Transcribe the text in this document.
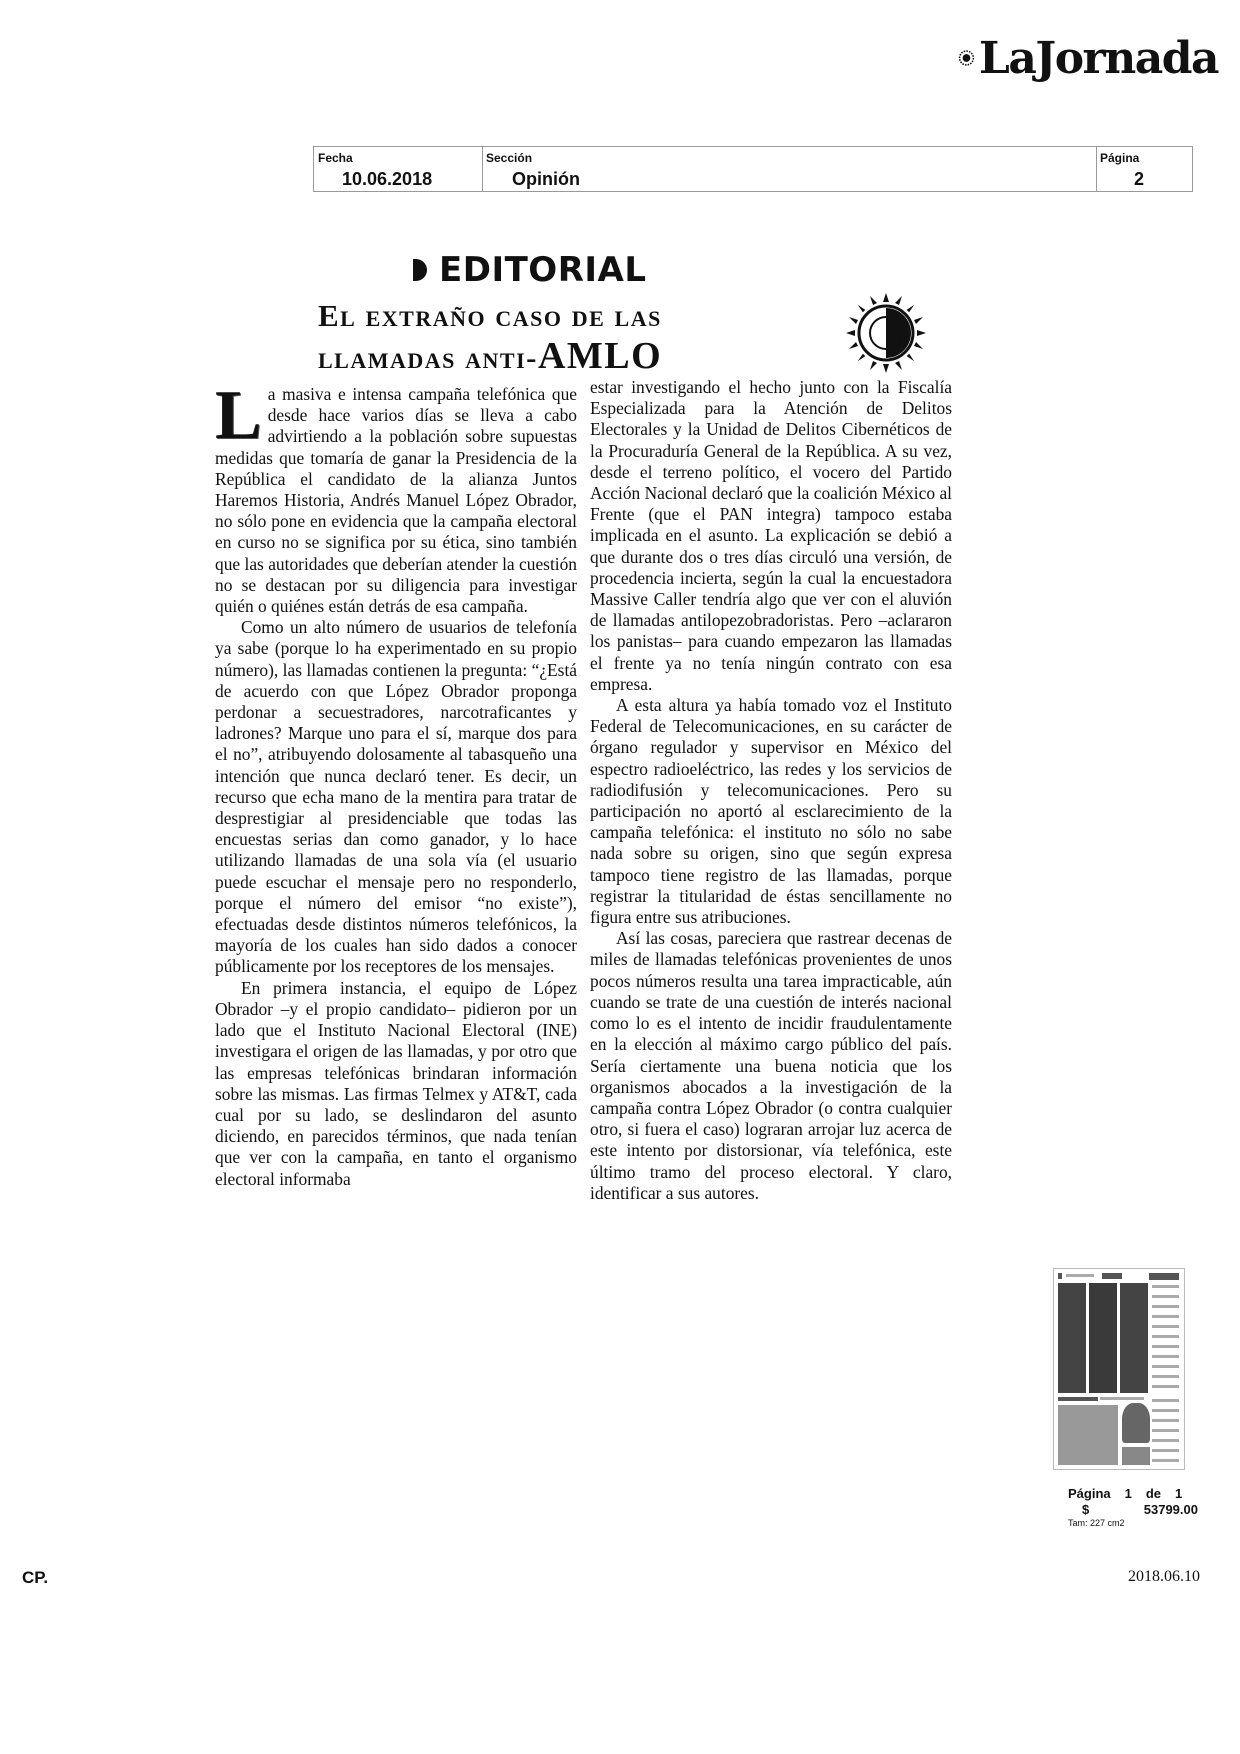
LaJornada
Fecha
10.06.2018
Sección
Opinión
Página
2
EDITORIAL
El extraño caso de las
llamadas anti-AMLO

La masiva e intensa campaña telefónica que desde hace varios días se lleva a cabo advirtiendo a la población sobre supuestas medidas que tomaría de ganar la Presidencia de la República el candidato de la alianza Juntos Haremos Historia, Andrés Manuel López Obrador, no sólo pone en evidencia que la campaña electoral en curso no se significa por su ética, sino también que las autoridades que deberían atender la cuestión no se destacan por su diligencia para investigar quién o quiénes están detrás de esa campaña.

Como un alto número de usuarios de telefonía ya sabe (porque lo ha experimentado en su propio número), las llamadas contienen la pregunta: “¿Está de acuerdo con que López Obrador proponga perdonar a secuestradores, narcotraficantes y ladrones? Marque uno para el sí, marque dos para el no”, atribuyendo dolosamente al tabasqueño una intención que nunca declaró tener. Es decir, un recurso que echa mano de la mentira para tratar de desprestigiar al presidenciable que todas las encuestas serias dan como ganador, y lo hace utilizando llamadas de una sola vía (el usuario puede escuchar el mensaje pero no responderlo, porque el número del emisor “no existe”), efectuadas desde distintos números telefónicos, la mayoría de los cuales han sido dados a conocer públicamente por los receptores de los mensajes.

En primera instancia, el equipo de López Obrador –y el propio candidato– pidieron por un lado que el Instituto Nacional Electoral (INE) investigara el origen de las llamadas, y por otro que las empresas telefónicas brindaran información sobre las mismas. Las firmas Telmex y AT&T, cada cual por su lado, se deslindaron del asunto diciendo, en parecidos términos, que nada tenían que ver con la campaña, en tanto el organismo electoral informaba

estar investigando el hecho junto con la Fiscalía Especializada para la Atención de Delitos Electorales y la Unidad de Delitos Cibernéticos de la Procuraduría General de la República. A su vez, desde el terreno político, el vocero del Partido Acción Nacional declaró que la coalición México al Frente (que el PAN integra) tampoco estaba implicada en el asunto. La explicación se debió a que durante dos o tres días circuló una versión, de procedencia incierta, según la cual la encuestadora Massive Caller tendría algo que ver con el aluvión de llamadas antilopezobradoristas. Pero –aclararon los panistas– para cuando empezaron las llamadas el frente ya no tenía ningún contrato con esa empresa.

A esta altura ya había tomado voz el Instituto Federal de Telecomunicaciones, en su carácter de órgano regulador y supervisor en México del espectro radioeléctrico, las redes y los servicios de radiodifusión y telecomunicaciones. Pero su participación no aportó al esclarecimiento de la campaña telefónica: el instituto no sólo no sabe nada sobre su origen, sino que según expresa tampoco tiene registro de las llamadas, porque registrar la titularidad de éstas sencillamente no figura entre sus atribuciones.

Así las cosas, pareciera que rastrear decenas de miles de llamadas telefónicas provenientes de unos pocos números resulta una tarea impracticable, aún cuando se trate de una cuestión de interés nacional como lo es el intento de incidir fraudulentamente en la elección al máximo cargo público del país. Sería ciertamente una buena noticia que los organismos abocados a la investigación de la campaña contra López Obrador (o contra cualquier otro, si fuera el caso) lograran arrojar luz acerca de este intento por distorsionar, vía telefónica, este último tramo del proceso electoral. Y claro, identificar a sus autores.

Página 1 de 1
$	53799.00
Tam: 227 cm2
CP.	2018.06.10
